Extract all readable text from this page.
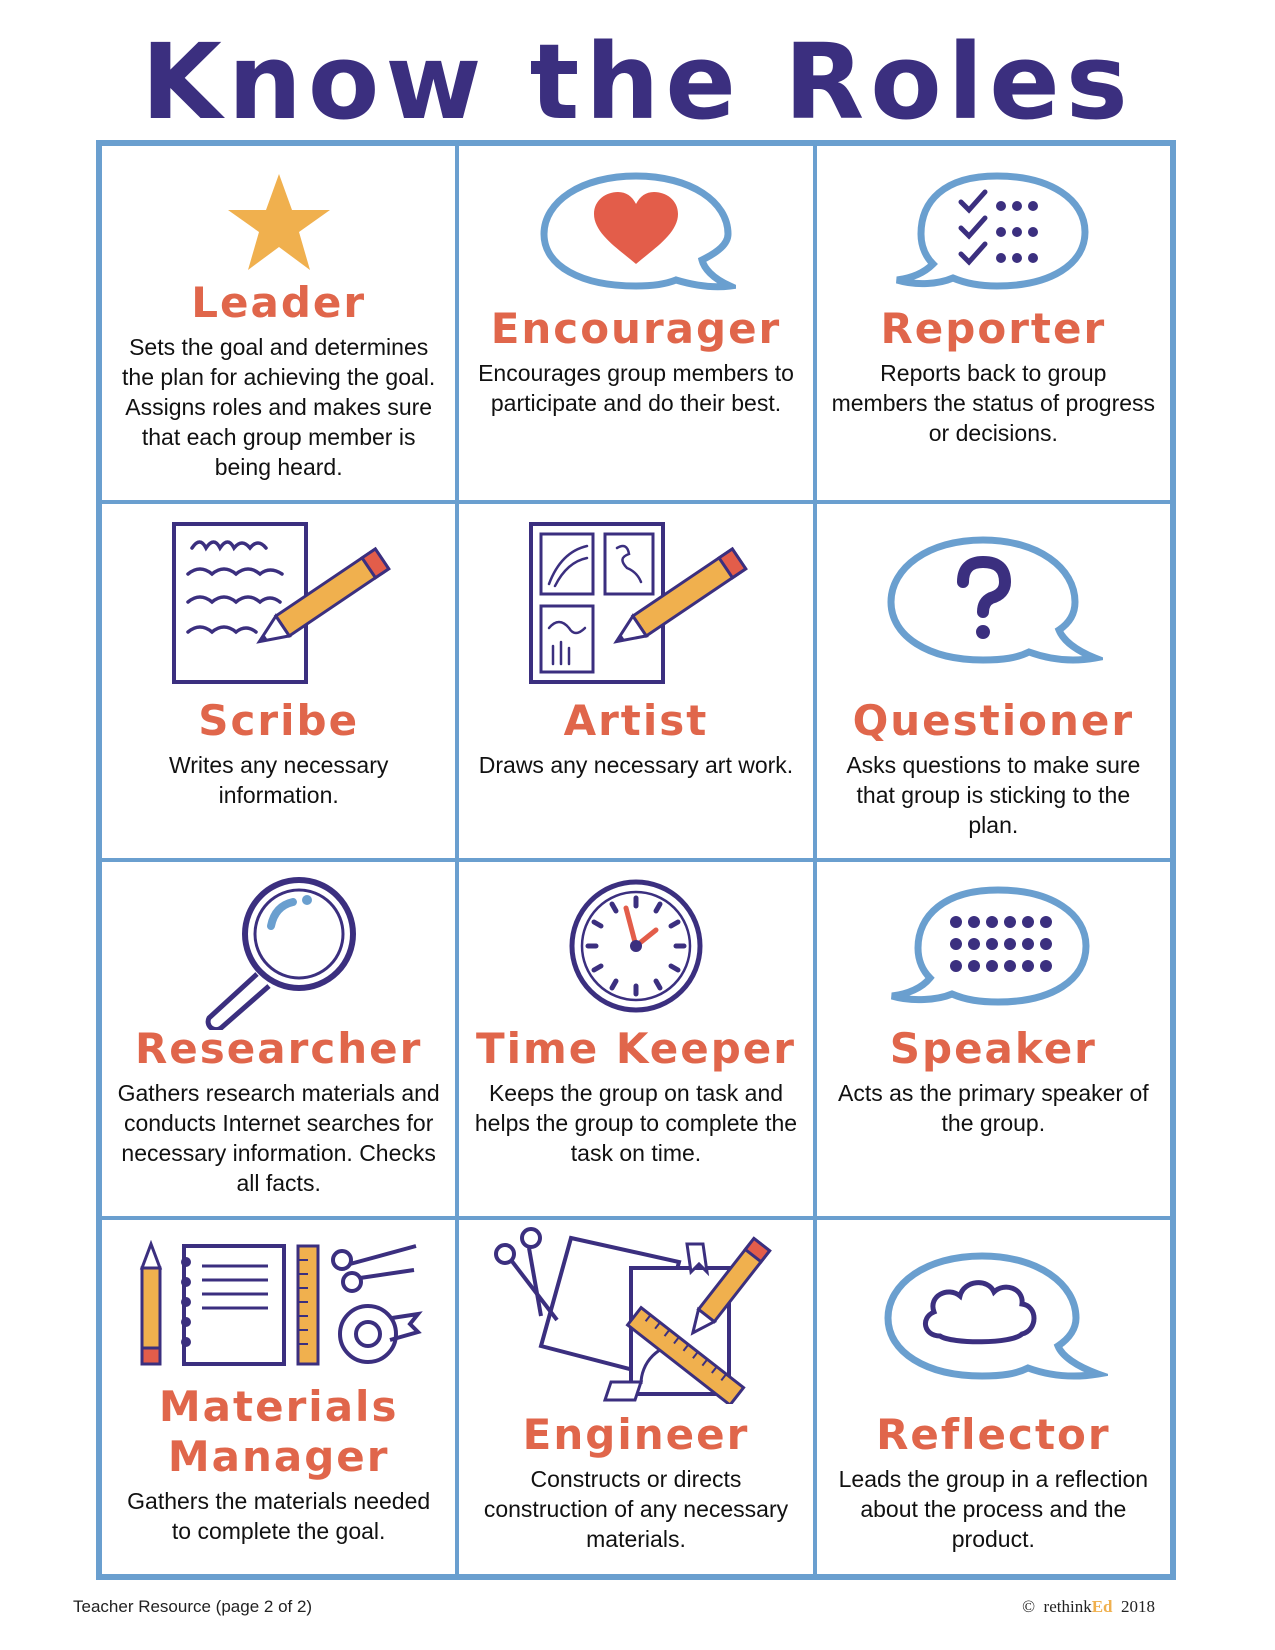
Know the Roles
Leader
Sets the goal and determines the plan for achieving the goal. Assigns roles and makes sure that each group member is being heard.
Encourager
Encourages group members to participate and do their best.
Reporter
Reports back to group members the status of progress or decisions.
Scribe
Writes any necessary information.
Artist
Draws any necessary art work.
Questioner
Asks questions to make sure that group is sticking to the plan.
Researcher
Gathers research materials and conducts Internet searches for necessary information. Checks all facts.
Time Keeper
Keeps the group on task and helps the group to complete the task on time.
Speaker
Acts as the primary speaker of the group.
Materials Manager
Gathers the materials needed to complete the goal.
Engineer
Constructs or directs construction of any necessary materials.
Reflector
Leads the group in a reflection about the process and the product.
Teacher Resource (page 2 of 2)	© rethinkEd 2018
